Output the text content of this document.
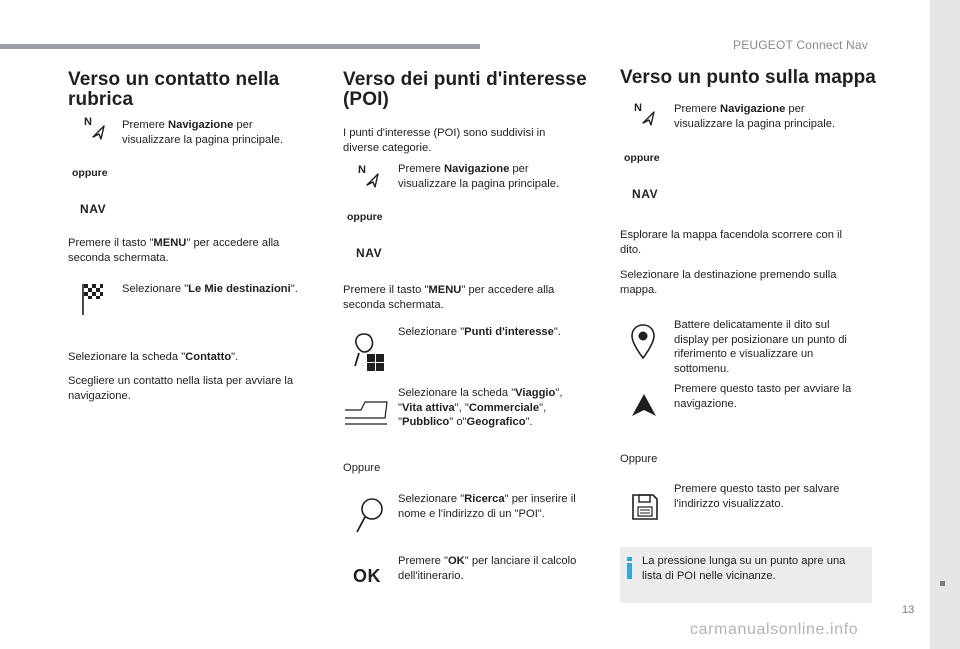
PEUGEOT Connect Nav
13
carmanualsonline.info
Verso un contatto nella
rubrica
N	Premere Navigazione per visualizzare la pagina principale.

oppure
NAV

Premere il tasto "MENU" per accedere alla seconda schermata.

Selezionare "Le Mie destinazioni".

Selezionare la scheda "Contatto".

Scegliere un contatto nella lista per avviare la navigazione.

Verso dei punti d'interesse
(POI)

I punti d'interesse (POI) sono suddivisi in diverse categorie.

N	Premere Navigazione per visualizzare la pagina principale.

oppure
NAV

Premere il tasto "MENU" per accedere alla seconda schermata.

Selezionare "Punti d'interesse".

Selezionare la scheda "Viaggio", "Vita attiva", "Commerciale", "Pubblico" o"Geografico".

Oppure

Selezionare "Ricerca" per inserire il nome e l'indirizzo di un "POI".

OK

Premere "OK" per lanciare il calcolo dell'itinerario.

Verso un punto sulla mappa
N	Premere Navigazione per visualizzare la pagina principale.

oppure
NAV

Esplorare la mappa facendola scorrere con il dito.

Selezionare la destinazione premendo sulla mappa.

Battere delicatamente il dito sul display per posizionare un punto di riferimento e visualizzare un sottomenu.

Premere questo tasto per avviare la navigazione.

Oppure

Premere questo tasto per salvare l'indirizzo visualizzato.

La pressione lunga su un punto apre una lista di POI nelle vicinanze.
